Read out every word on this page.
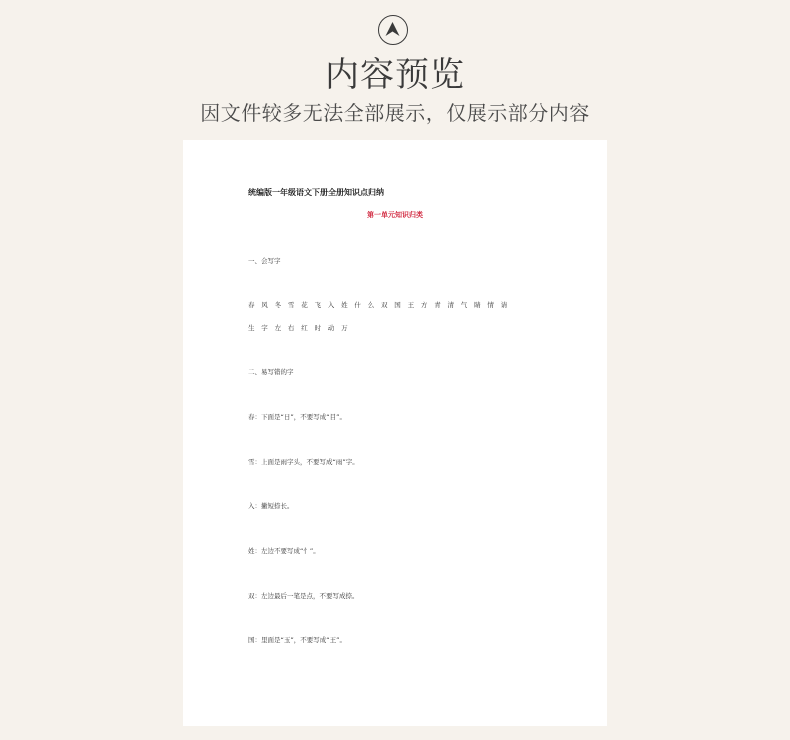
内容预览
因文件较多无法全部展示，仅展示部分内容
统编版一年级语文下册全册知识点归纳
第一单元知识归类
一、会写字
春风冬雪花飞入姓什么双国王方青清气睛情请
生字左右红时动万
二、易写错的字
春：下面是“日”，不要写成“目”。
雪：上面是雨字头，不要写成“雨”字。
入：撇短捺长。
姓：左边不要写成“忄”。
双：左边最后一笔是点，不要写成捺。
国：里面是“玉”，不要写成“王”。
